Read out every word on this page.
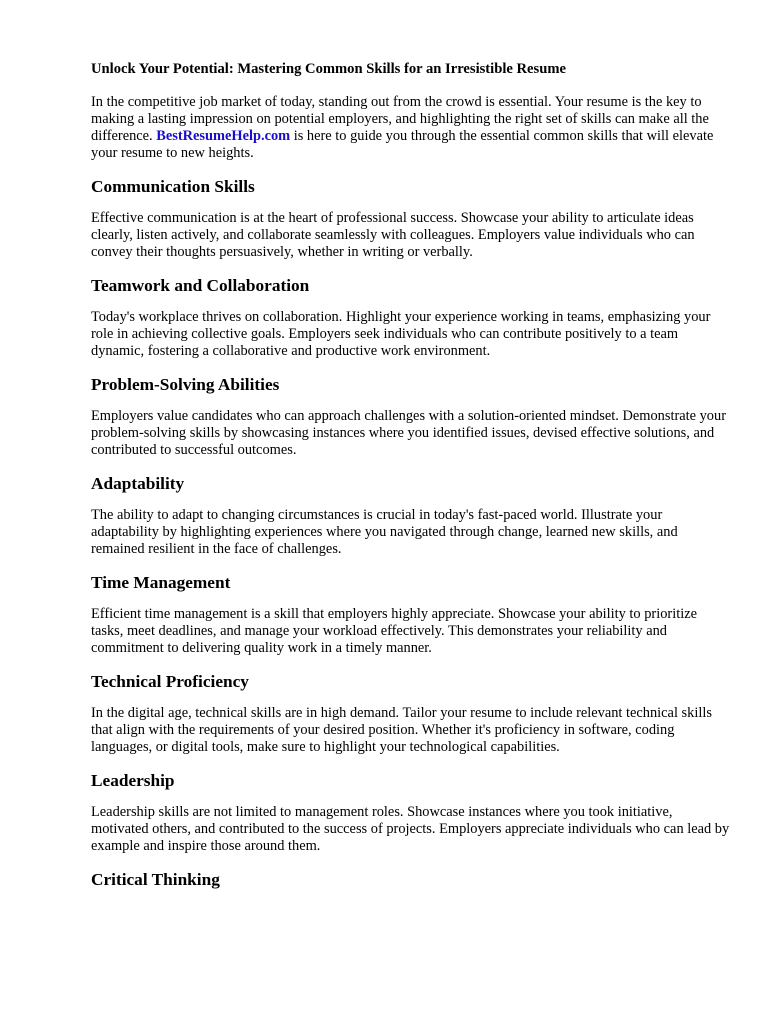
Unlock Your Potential: Mastering Common Skills for an Irresistible Resume

In the competitive job market of today, standing out from the crowd is essential. Your resume is the key to making a lasting impression on potential employers, and highlighting the right set of skills can make all the difference. BestResumeHelp.com is here to guide you through the essential common skills that will elevate your resume to new heights.

Communication Skills

Effective communication is at the heart of professional success. Showcase your ability to articulate ideas clearly, listen actively, and collaborate seamlessly with colleagues. Employers value individuals who can convey their thoughts persuasively, whether in writing or verbally.

Teamwork and Collaboration

Today's workplace thrives on collaboration. Highlight your experience working in teams, emphasizing your role in achieving collective goals. Employers seek individuals who can contribute positively to a team dynamic, fostering a collaborative and productive work environment.

Problem-Solving Abilities

Employers value candidates who can approach challenges with a solution-oriented mindset. Demonstrate your problem-solving skills by showcasing instances where you identified issues, devised effective solutions, and contributed to successful outcomes.

Adaptability

The ability to adapt to changing circumstances is crucial in today's fast-paced world. Illustrate your adaptability by highlighting experiences where you navigated through change, learned new skills, and remained resilient in the face of challenges.

Time Management

Efficient time management is a skill that employers highly appreciate. Showcase your ability to prioritize tasks, meet deadlines, and manage your workload effectively. This demonstrates your reliability and commitment to delivering quality work in a timely manner.

Technical Proficiency

In the digital age, technical skills are in high demand. Tailor your resume to include relevant technical skills that align with the requirements of your desired position. Whether it's proficiency in software, coding languages, or digital tools, make sure to highlight your technological capabilities.

Leadership

Leadership skills are not limited to management roles. Showcase instances where you took initiative, motivated others, and contributed to the success of projects. Employers appreciate individuals who can lead by example and inspire those around them.

Critical Thinking
